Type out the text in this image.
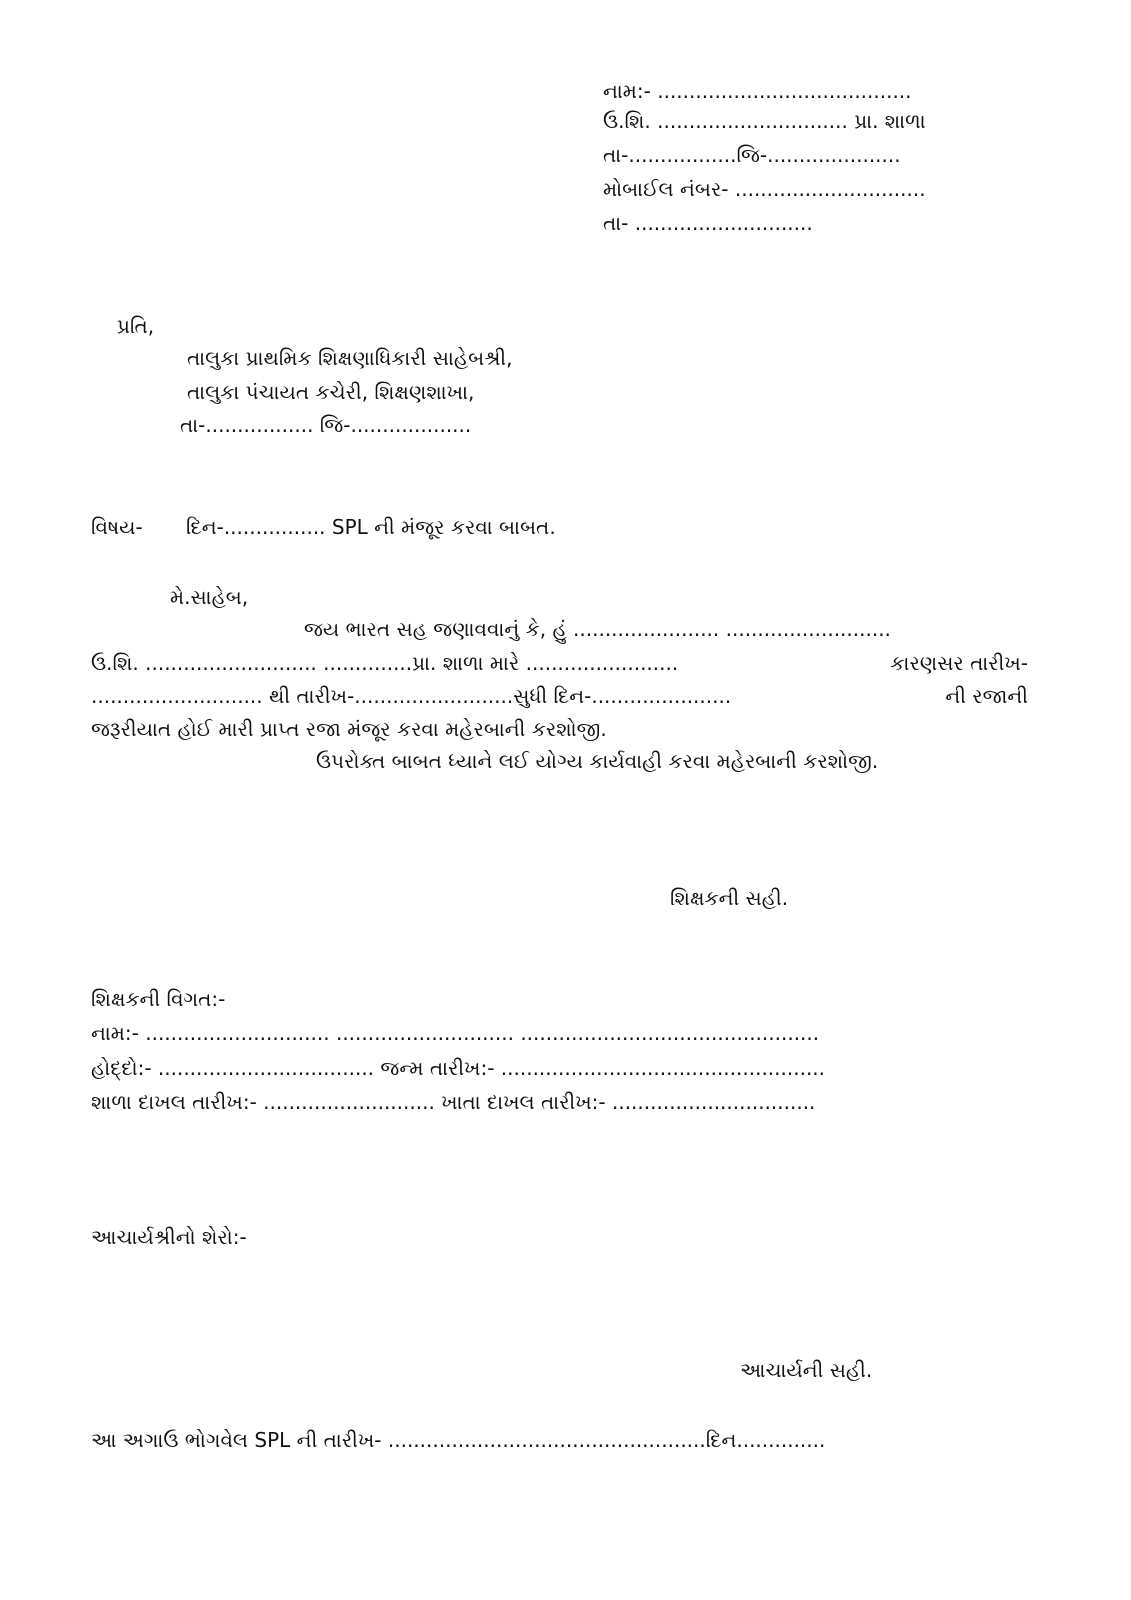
નામ:- ........................................

ઉ.શિ. .............................. પ્રા. શાળા

તા-.................જિ-.....................

મોબાઈલ નંબર- ..............................

તા- ............................

પ્રતિ,

તાલુકા પ્રાથમિક શિક્ષણાધિકારી સાહેબશ્રી,

તાલુકા પંચાયત કચેરી, શિક્ષણશાખા,

તા-................. જિ-...................

વિષય- દિન-................ SPL ની મંજૂર કરવા બાબત.

મે.સાહેબ,

જય ભારત સહ જણાવવાનું કે, હું ....................... ..........................

ઉ.શિ. ........................... ..............પ્રા. શાળા મારે ........................	કારણસર તારીખ-

........................... થી તારીખ-.........................સુધી દિન-......................	ની રજાની

જરૂરીયાત હોઈ મારી પ્રાપ્ત રજા મંજૂર કરવા મહેરબાની કરશોજી.

ઉપરોક્ત બાબત ધ્યાને લઈ યોગ્ય કાર્યવાહી કરવા મહેરબાની કરશોજી.

શિક્ષકની સહી.

શિક્ષકની વિગત:-

નામ:- ............................. ............................ ...............................................

હોદ્દો:- .................................. જન્મ તારીખ:- ...................................................

શાળા દાખલ તારીખ:- ........................... ખાતા દાખલ તારીખ:- ................................

આચાર્યશ્રીનો શેરો:-

આચાર્યની સહી.

આ અગાઉ ભોગવેલ SPL ની તારીખ- ..................................................દિન..............
